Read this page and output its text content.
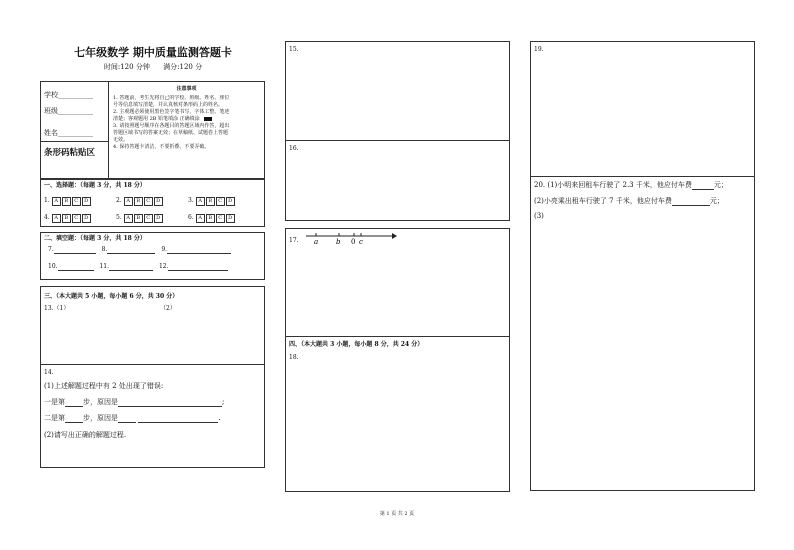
七年级数学 期中质量监测答题卡
时间:120 分钟      满分:120 分
学校__________
班级__________
姓名__________
条形码粘贴区
注意事项
1. 答题前，考生先将自己的学校、班级、姓名、座位
号等信息填写清楚，并认真核对条形码上的姓名。
2. 主观题必须使用黑色签字笔书写，字体工整、笔迹
清楚；客观题用 2B 铅笔填涂 正确填涂
3. 请按照题号顺序在各题目的答题区域内作答，超出
答题区域书写的答案无效；在草稿纸、试题卷上答题
无效。
4. 保持答题卡清洁，不要折叠、不要弄破。
一、选择题：（每题 3 分，共 18 分）
1. A B C D	2. A B C D	3. A B C D
4. A B C D	5. A B C D	6. A B C D
二、填空题：（每题 3 分，共 18 分）
7.	8.	9.
10.	11.	12.
三、（本大题共 5 小题，每小题 6 分，共 30 分）
13.（1）	（2）
14.
(1)上述解题过程中有 2 处出现了错误:
一是第	步，原因是	;
二是第	步，原因是	.
(2)请写出正确的解题过程.
15.
16.
17. a	b 0 c
四、（本大题共 3 小题，每小题 8 分，共 24 分）
18.
19.
20. (1)小明来回租车行驶了 2.3 千米，他应付车费	元；
(2)小亮乘出租车行驶了 7 千米，他应付车费	元；
(3)
第 1 页 共 2 页
